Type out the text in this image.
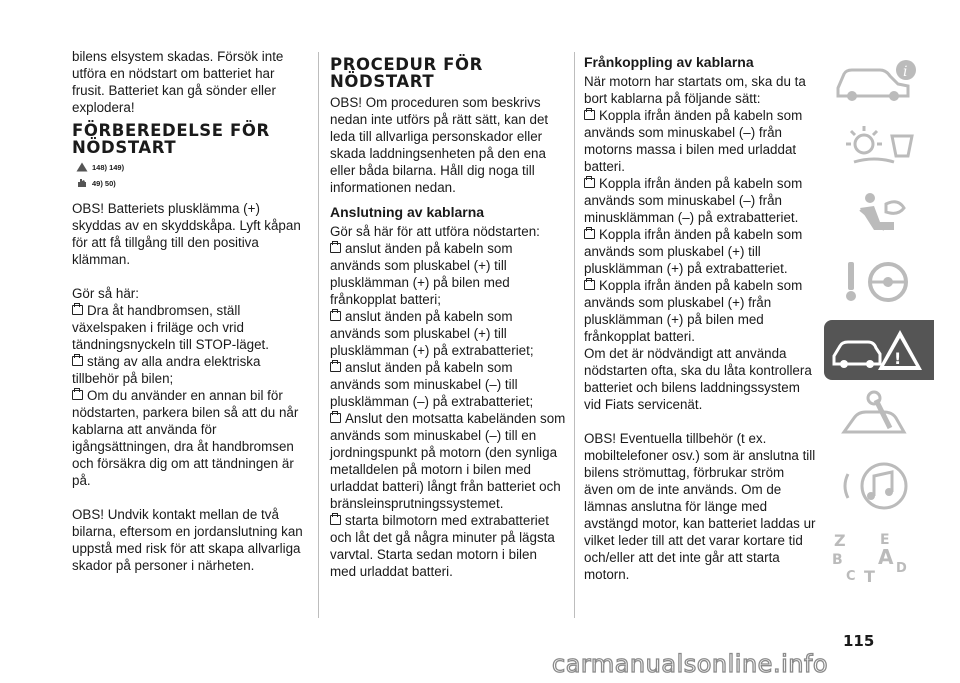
bilens elsystem skadas. Försök inte utföra en nödstart om batteriet har frusit. Batteriet kan gå sönder eller explodera!

FÖRBEREDELSE FÖR NÖDSTART
148) 149)
49) 50)

OBS! Batteriets plusklämma (+) skyddas av en skyddskåpa. Lyft kåpan för att få tillgång till den positiva klämman.

Gör så här:

Dra åt handbromsen, ställ växelspaken i friläge och vrid tändningsnyckeln till STOP-läget.

stäng av alla andra elektriska tillbehör på bilen;

Om du använder en annan bil för nödstarten, parkera bilen så att du når kablarna att använda för igångsättningen, dra åt handbromsen och försäkra dig om att tändningen är på.

OBS! Undvik kontakt mellan de två bilarna, eftersom en jordanslutning kan uppstå med risk för att skapa allvarliga skador på personer i närheten.

PROCEDUR FÖR NÖDSTART

OBS! Om proceduren som beskrivs nedan inte utförs på rätt sätt, kan det leda till allvarliga personskador eller skada laddningsenheten på den ena eller båda bilarna. Håll dig noga till informationen nedan.

Anslutning av kablarna

Gör så här för att utföra nödstarten:

anslut änden på kabeln som används som pluskabel (+) till plusklämman (+) på bilen med frånkopplat batteri;

anslut änden på kabeln som används som pluskabel (+) till plusklämman (+) på extrabatteriet;

anslut änden på kabeln som används som minuskabel (–) till plusklämman (–) på extrabatteriet;

Anslut den motsatta kabeländen som används som minuskabel (–) till en jordningspunkt på motorn (den synliga metalldelen på motorn i bilen med urladdat batteri) långt från batteriet och bränsleinsprutningssystemet.

starta bilmotorn med extrabatteriet och låt det gå några minuter på lägsta varvtal. Starta sedan motorn i bilen med urladdat batteri.

Frånkoppling av kablarna

När motorn har startats om, ska du ta bort kablarna på följande sätt:

Koppla ifrån änden på kabeln som används som minuskabel (–) från motorns massa i bilen med urladdat batteri.

Koppla ifrån änden på kabeln som används som minuskabel (–) från minusklämman (–) på extrabatteriet.

Koppla ifrån änden på kabeln som används som pluskabel (+) till plusklämman (+) på extrabatteriet.

Koppla ifrån änden på kabeln som används som pluskabel (+) från plusklämman (+) på bilen med frånkopplat batteri.

Om det är nödvändigt att använda nödstarten ofta, ska du låta kontrollera batteriet och bilens laddningssystem vid Fiats servicenät.

OBS! Eventuella tillbehör (t ex. mobiltelefoner osv.) som är anslutna till bilens strömuttag, förbrukar ström även om de inte används. Om de lämnas anslutna för länge med avstängd motor, kan batteriet laddas ur vilket leder till att det varar kortare tid och/eller att det inte går att starta motorn.

i
!
Z E
B A
C T D
115
carmanualsonline.info
